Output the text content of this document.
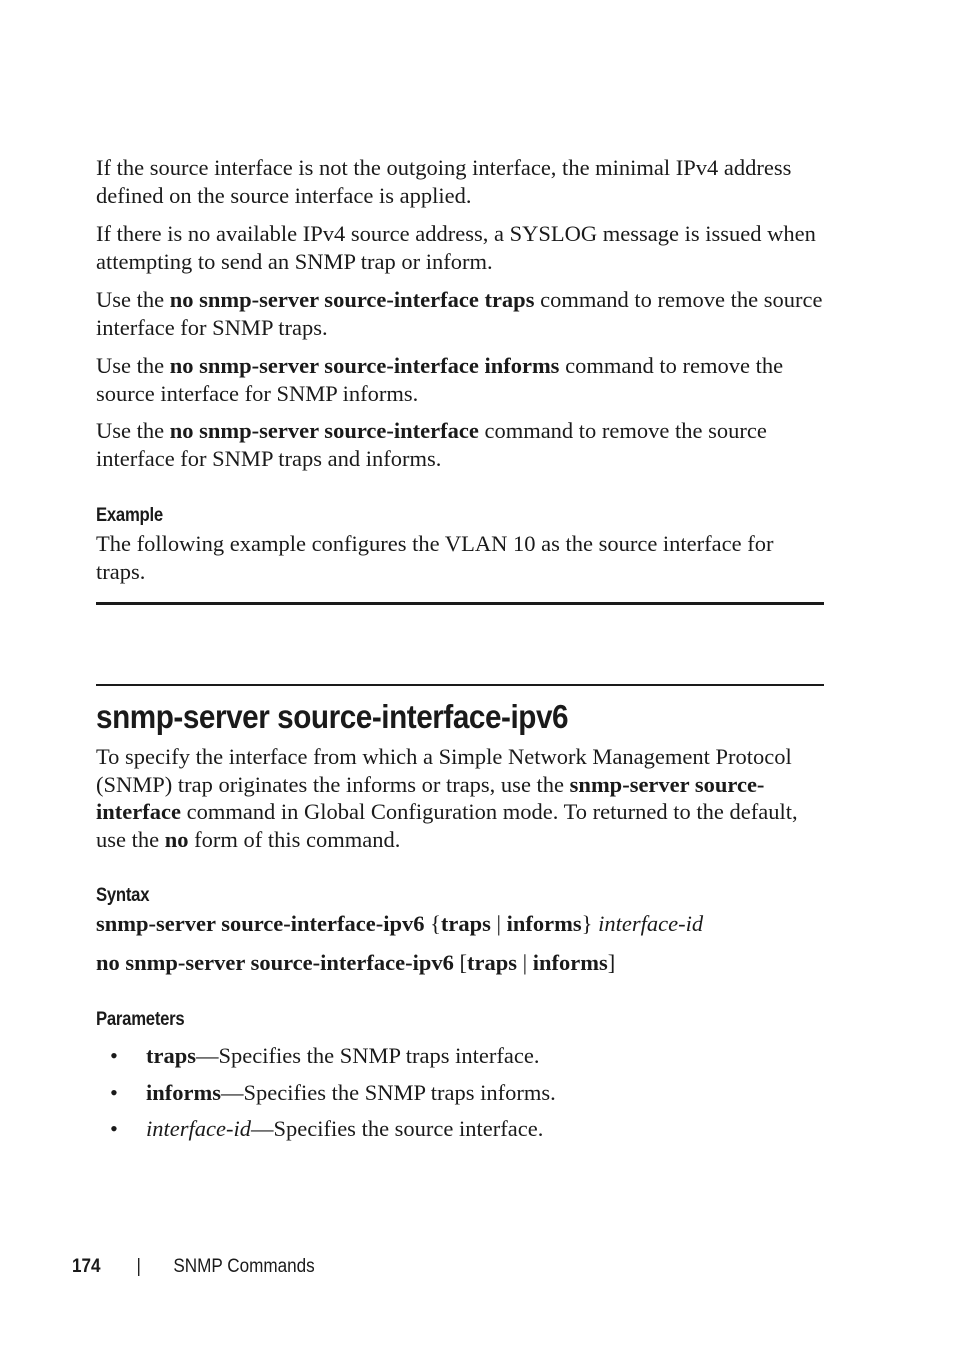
If the source interface is not the outgoing interface, the minimal IPv4 address defined on the source interface is applied.

If there is no available IPv4 source address, a SYSLOG message is issued when attempting to send an SNMP trap or inform.

Use the no snmp-server source-interface traps command to remove the source interface for SNMP traps.

Use the no snmp-server source-interface informs command to remove the source interface for SNMP informs.

Use the no snmp-server source-interface command to remove the source interface for SNMP traps and informs.

Example

The following example configures the VLAN 10 as the source interface for traps.

snmp-server source-interface-ipv6

To specify the interface from which a Simple Network Management Protocol (SNMP) trap originates the informs or traps, use the snmp-server source-interface command in Global Configuration mode. To returned to the default, use the no form of this command.

Syntax

snmp-server source-interface-ipv6 {traps | informs} interface-id

no snmp-server source-interface-ipv6 [traps | informs]

Parameters
• traps—Specifies the SNMP traps interface.
• informs—Specifies the SNMP traps informs.
• interface-id—Specifies the source interface.
174 | SNMP Commands
